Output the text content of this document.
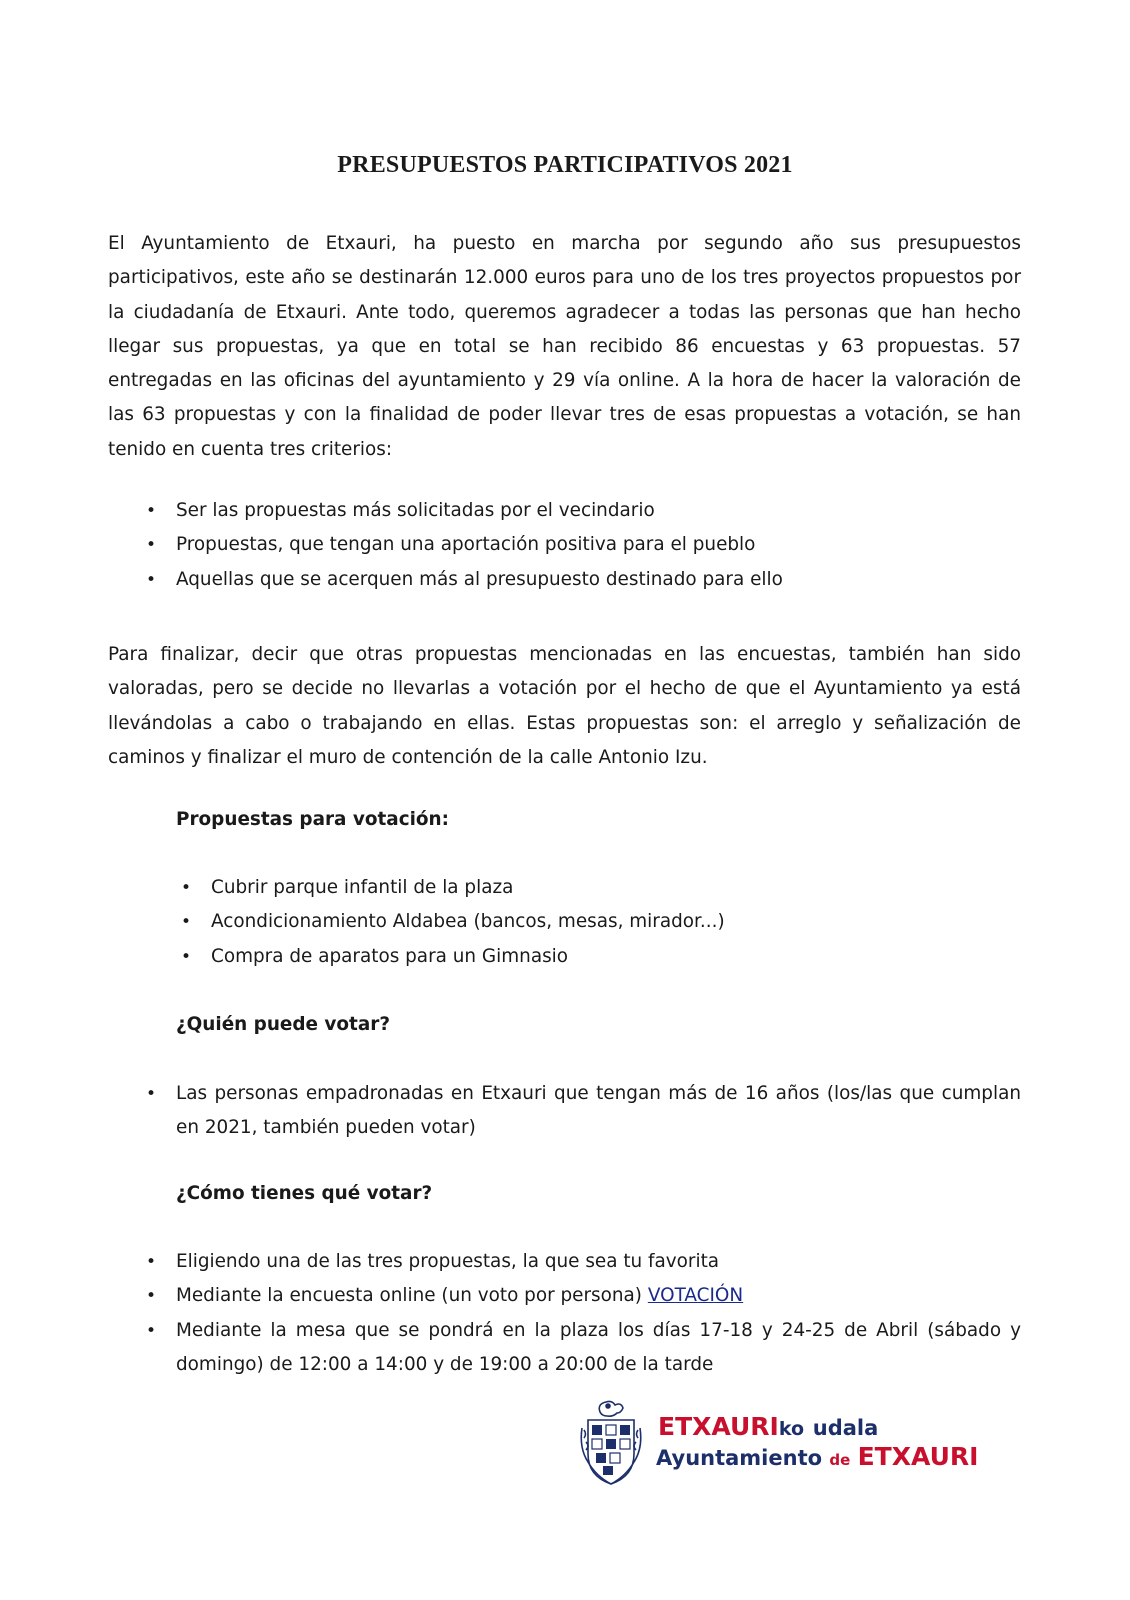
PRESUPUESTOS PARTICIPATIVOS 2021

El Ayuntamiento de Etxauri, ha puesto en marcha por segundo año sus presupuestos participativos, este año se destinarán 12.000 euros para uno de los tres proyectos propuestos por la ciudadanía de Etxauri. Ante todo, queremos agradecer a todas las personas que han hecho llegar sus propuestas, ya que en total se han recibido 86 encuestas y 63 propuestas. 57 entregadas en las oficinas del ayuntamiento y 29 vía online. A la hora de hacer la valoración de las 63 propuestas y con la finalidad de poder llevar tres de esas propuestas a votación, se han tenido en cuenta tres criterios:

• Ser las propuestas más solicitadas por el vecindario
• Propuestas, que tengan una aportación positiva para el pueblo
• Aquellas que se acerquen más al presupuesto destinado para ello

Para finalizar, decir que otras propuestas mencionadas en las encuestas, también han sido valoradas, pero se decide no llevarlas a votación por el hecho de que el Ayuntamiento ya está llevándolas a cabo o trabajando en ellas. Estas propuestas son: el arreglo y señalización de caminos y finalizar el muro de contención de la calle Antonio Izu.

Propuestas para votación:
• Cubrir parque infantil de la plaza
• Acondicionamiento Aldabea (bancos, mesas, mirador...)
• Compra de aparatos para un Gimnasio
¿Quién puede votar?
• Las personas empadronadas en Etxauri que tengan más de 16 años (los/las que cumplan en 2021, también pueden votar)
¿Cómo tienes qué votar?
• Eligiendo una de las tres propuestas, la que sea tu favorita
• Mediante la encuesta online (un voto por persona) VOTACIÓN
• Mediante la mesa que se pondrá en la plaza los días 17-18 y 24-25 de Abril (sábado y domingo) de 12:00 a 14:00 y de 19:00 a 20:00 de la tarde
ETXAURIko udala
Ayuntamiento de ETXAURI
